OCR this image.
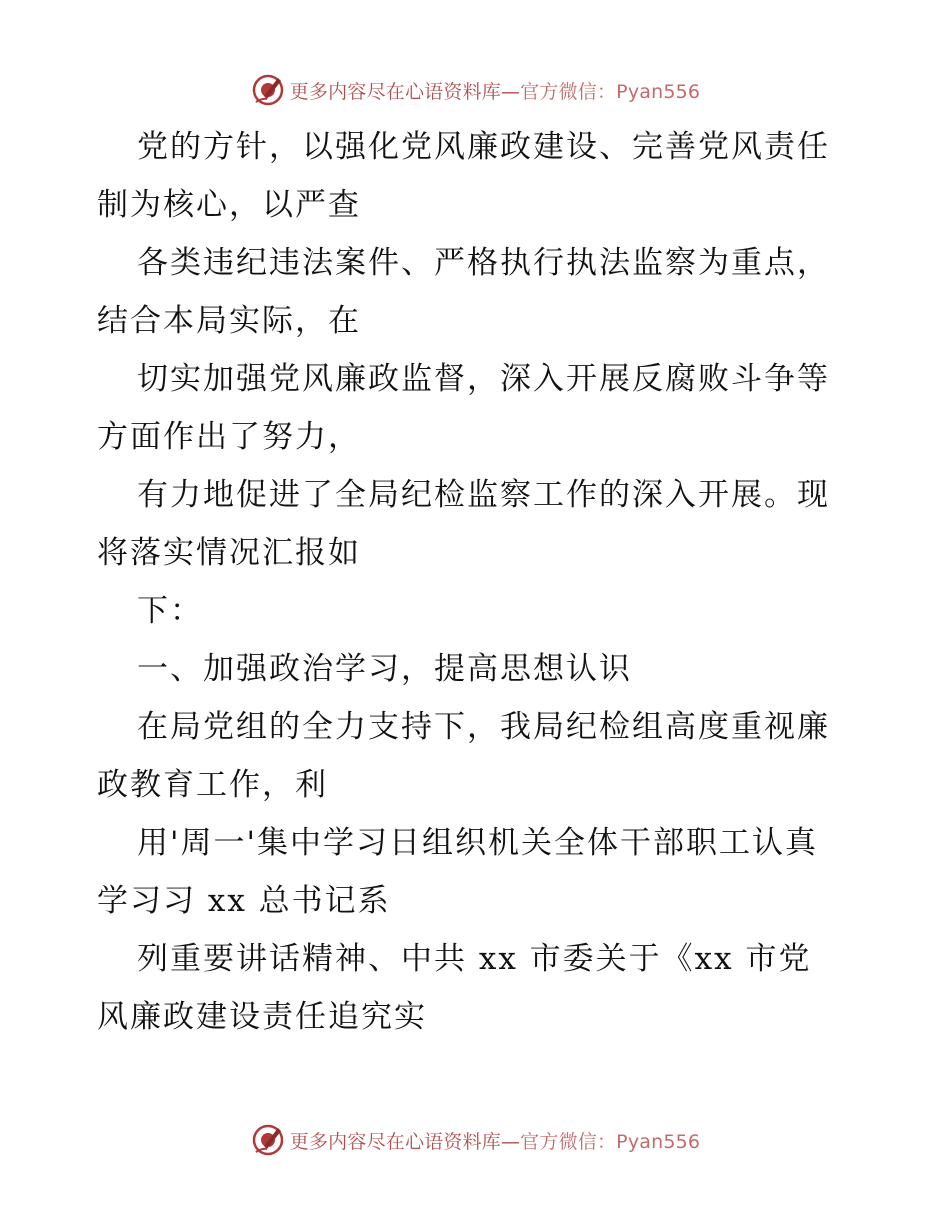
更多内容尽在心语资料库—官方微信：Pyan556
党的方针，以强化党风廉政建设、完善党风责任
制为核心，以严查
各类违纪违法案件、严格执行执法监察为重点，
结合本局实际，在
切实加强党风廉政监督，深入开展反腐败斗争等
方面作出了努力，
有力地促进了全局纪检监察工作的深入开展。现
将落实情况汇报如
下：
一、加强政治学习，提高思想认识
在局党组的全力支持下，我局纪检组高度重视廉
政教育工作，利
用'周一'集中学习日组织机关全体干部职工认真
学习习 xx 总书记系
列重要讲话精神、中共 xx 市委关于《xx 市党
风廉政建设责任追究实
更多内容尽在心语资料库—官方微信：Pyan556
